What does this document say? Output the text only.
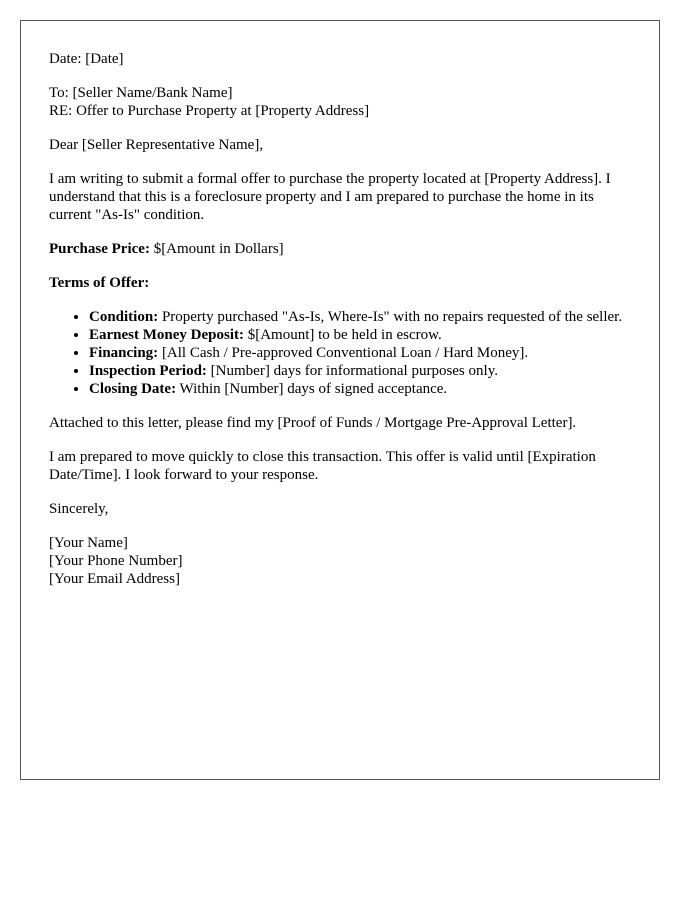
Date: [Date]

To: [Seller Name/Bank Name]
RE: Offer to Purchase Property at [Property Address]

Dear [Seller Representative Name],

I am writing to submit a formal offer to purchase the property located at [Property Address]. I understand that this is a foreclosure property and I am prepared to purchase the home in its current "As-Is" condition.

Purchase Price: $[Amount in Dollars]

Terms of Offer:

• Condition: Property purchased "As-Is, Where-Is" with no repairs requested of the seller.
• Earnest Money Deposit: $[Amount] to be held in escrow.
• Financing: [All Cash / Pre-approved Conventional Loan / Hard Money].
• Inspection Period: [Number] days for informational purposes only.
• Closing Date: Within [Number] days of signed acceptance.

Attached to this letter, please find my [Proof of Funds / Mortgage Pre-Approval Letter].

I am prepared to move quickly to close this transaction. This offer is valid until [Expiration Date/Time]. I look forward to your response.

Sincerely,

[Your Name]
[Your Phone Number]
[Your Email Address]
